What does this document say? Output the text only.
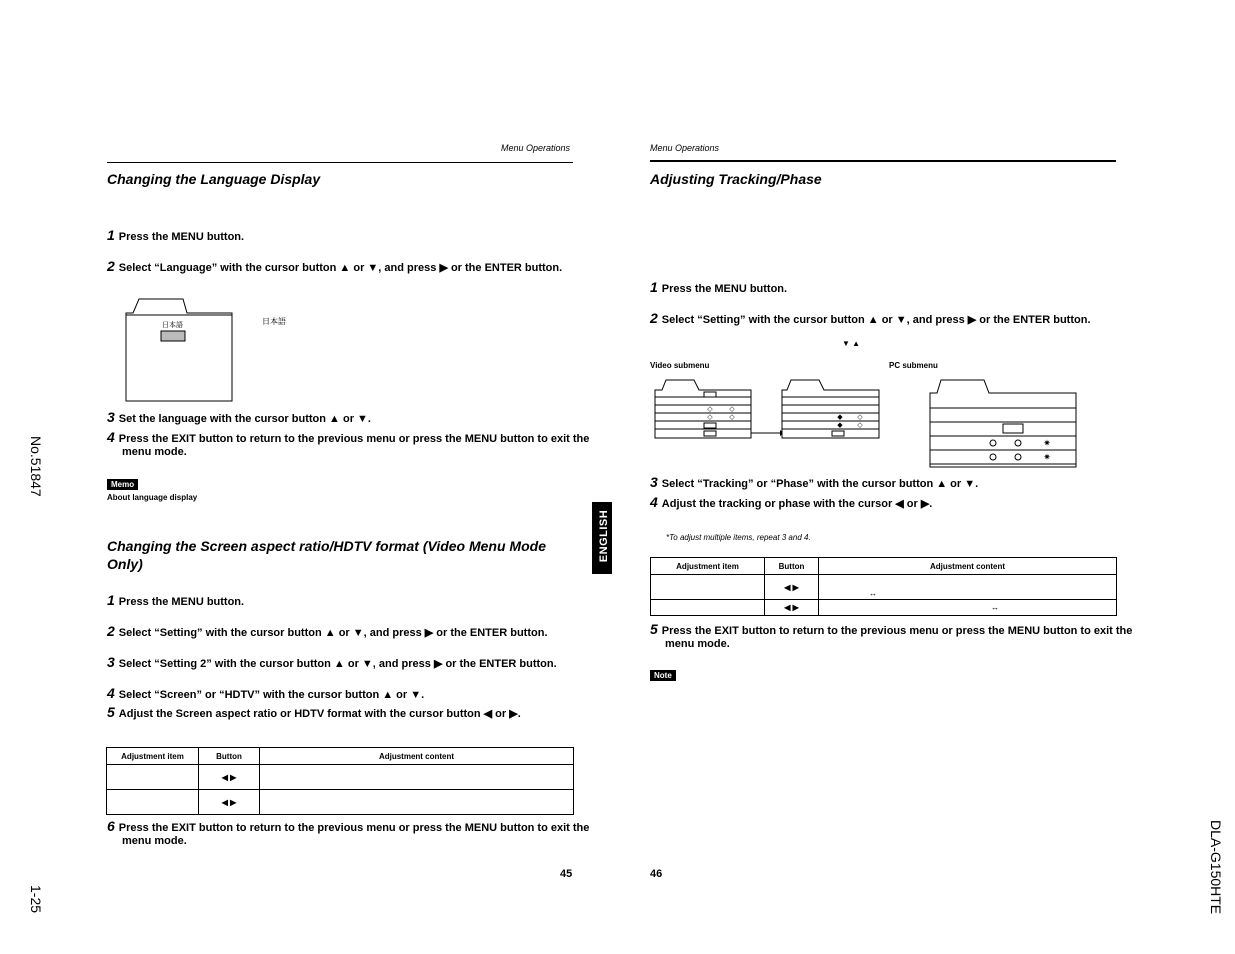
Menu Operations
Changing the Language Display
1 Press the MENU button.
2 Select “Language” with the cursor button ▲ or ▼, and press ▶ or the ENTER button.
日本語	日本語
3 Set the language with the cursor button ▲ or ▼.
4 Press the EXIT button to return to the previous menu or press the MENU button to exit the menu mode.
Memo
About language display
Changing the Screen aspect ratio/HDTV format (Video Menu Mode Only)
1 Press the MENU button.
2 Select “Setting” with the cursor button ▲ or ▼, and press ▶ or the ENTER button.
3 Select “Setting 2” with the cursor button ▲ or ▼, and press ▶ or the ENTER button.
4 Select “Screen” or “HDTV” with the cursor button ▲ or ▼.
5 Adjust the Screen aspect ratio or HDTV format with the cursor button ◀ or ▶.
Adjustment item	Button	Adjustment content
	◀ ▶	
	◀ ▶	
6 Press the EXIT button to return to the previous menu or press the MENU button to exit the menu mode.
45
ENGLISH
Menu Operations
Adjusting Tracking/Phase
1 Press the MENU button.
2 Select “Setting” with the cursor button ▲ or ▼, and press ▶ or the ENTER button.
▼ ▲
Video submenu	PC submenu
◇ ◇
◇ ◇	◆ ◇
◆ ◇
✷
✷
3 Select “Tracking” or “Phase” with the cursor button ▲ or ▼.
4 Adjust the tracking or phase with the cursor ◀ or ▶.
*To adjust multiple items, repeat 3 and 4.
Adjustment item	Button	Adjustment content
	◀ ▶	↔
	◀ ▶	↔
5 Press the EXIT button to return to the previous menu or press the MENU button to exit the menu mode.
Note
46
No.51847
1-25	DLA-G150HTE
